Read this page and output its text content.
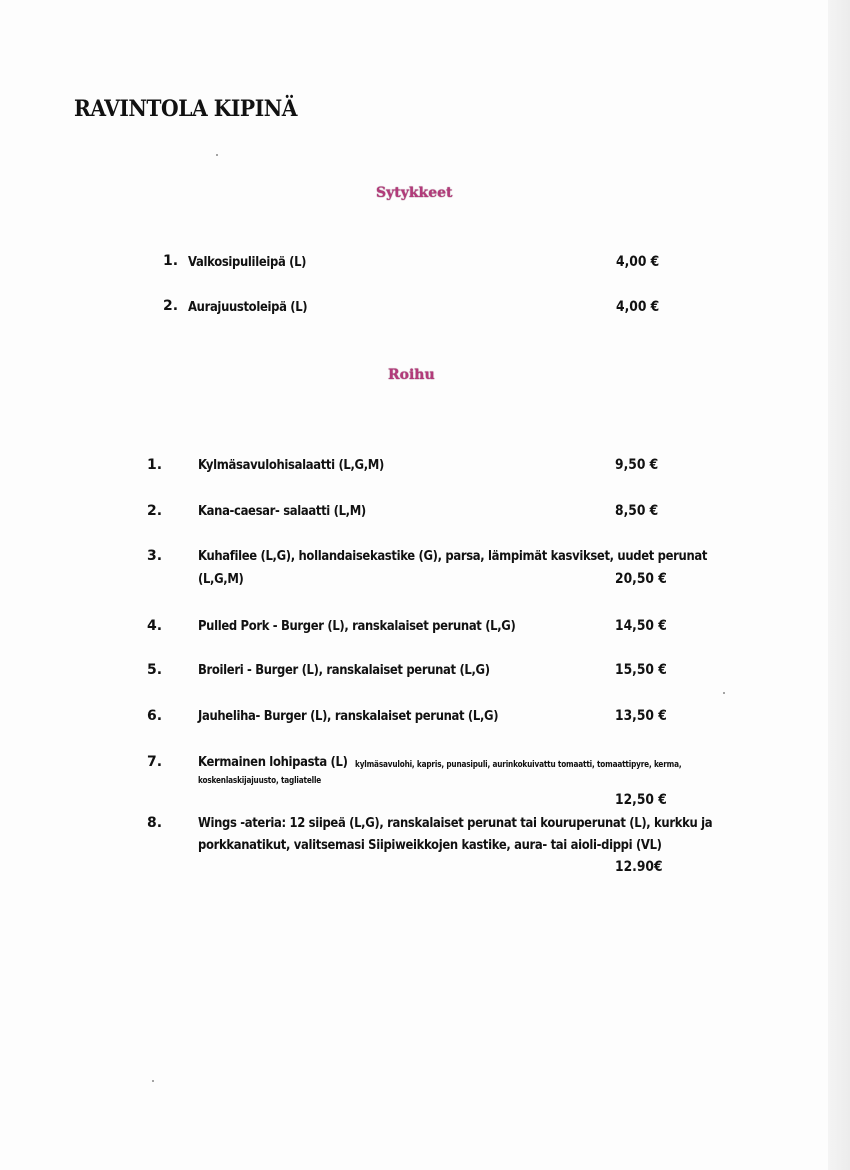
RAVINTOLA KIPINÄ
Sytykkeet
1. Valkosipulileipä (L)	4,00 €
2. Aurajuustoleipä (L)	4,00 €
Roihu
1.	Kylmäsavulohisalaatti (L,G,M)	9,50 €
2.	Kana-caesar- salaatti (L,M)	8,50 €
3.	Kuhafilee (L,G), hollandaisekastike (G), parsa, lämpimät kasvikset, uudet perunat
(L,G,M)	20,50 €
4.	Pulled Pork - Burger (L), ranskalaiset perunat (L,G)	14,50 €
5.	Broileri - Burger (L), ranskalaiset perunat (L,G)	15,50 €
6.	Jauheliha- Burger (L), ranskalaiset perunat (L,G)	13,50 €
7.	Kermainen lohipasta (L) kylmäsavulohi, kapris, punasipuli, aurinkokuivattu tomaatti, tomaattipyre, kerma,
koskenlaskijajuusto, tagliatelle
12,50 €
8.	Wings -ateria: 12 siipeä (L,G), ranskalaiset perunat tai kouruperunat (L), kurkku ja
porkkanatikut, valitsemasi Siipiweikkojen kastike, aura- tai aioli-dippi (VL)
12.90€
